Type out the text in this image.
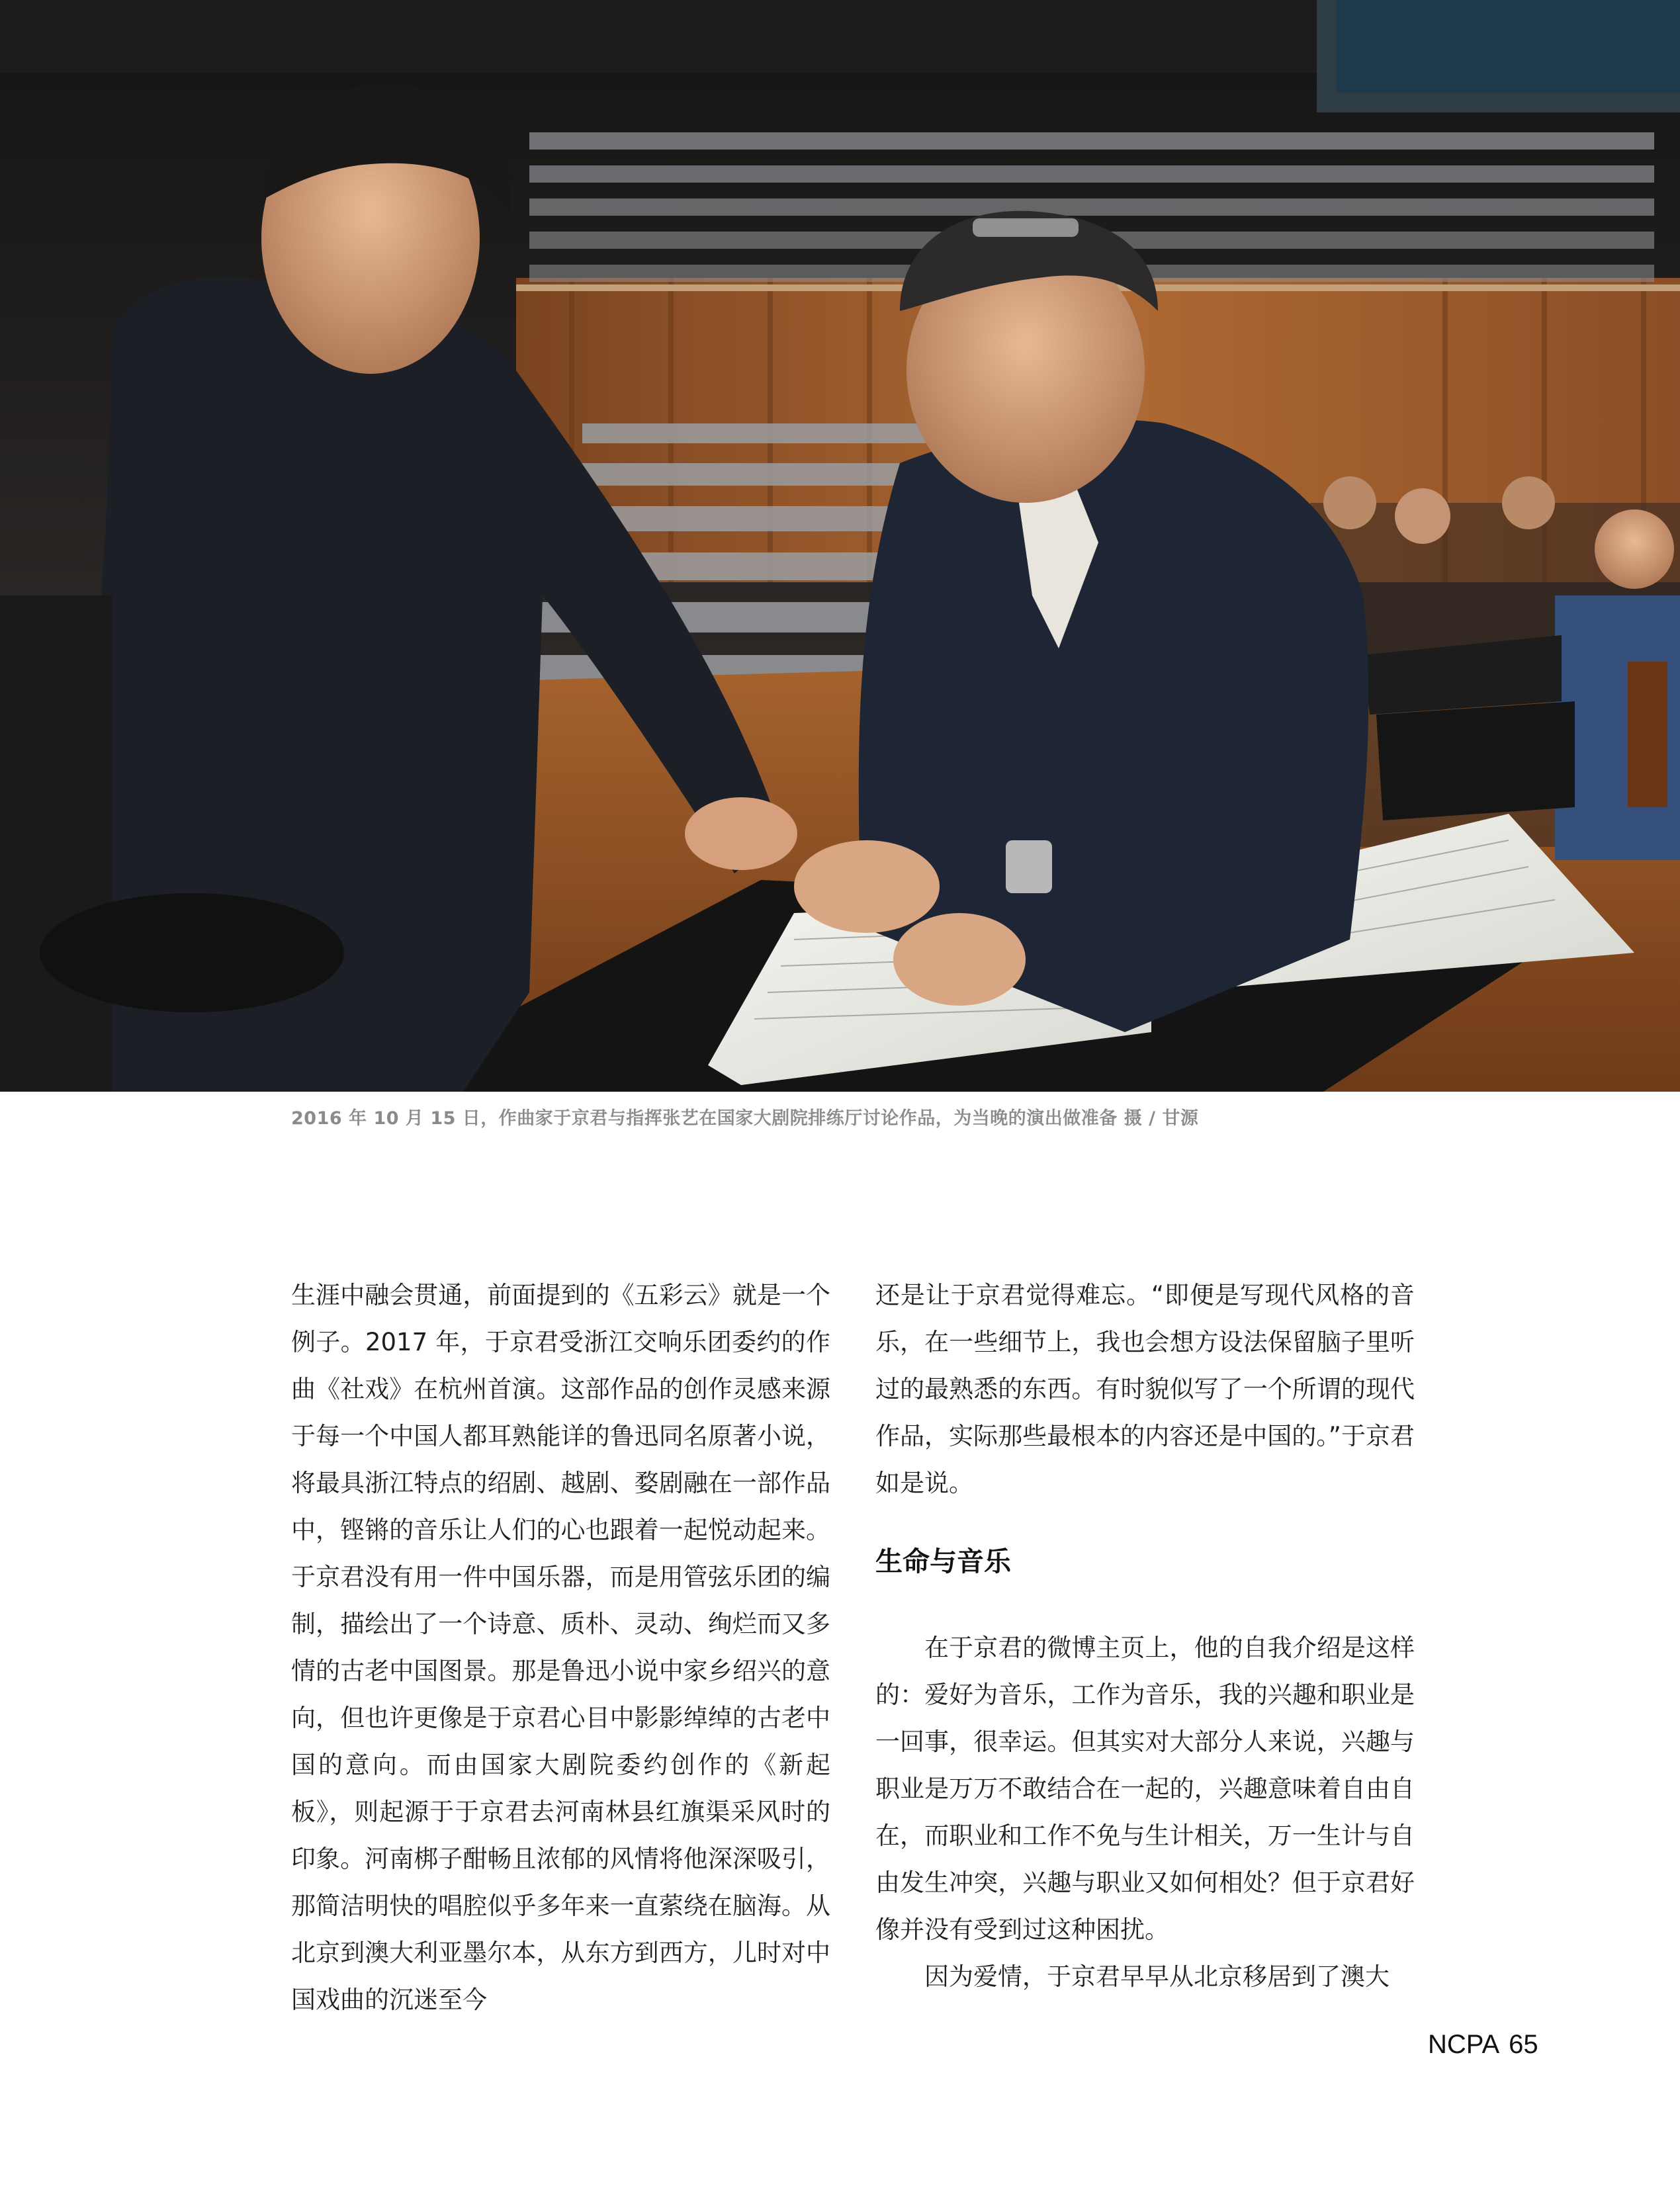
2016 年 10 月 15 日，作曲家于京君与指挥张艺在国家大剧院排练厅讨论作品，为当晚的演出做准备 摄 / 甘源

生涯中融会贯通，前面提到的《五彩云》就是一个例子。2017 年，于京君受浙江交响乐团委约的作曲《社戏》在杭州首演。这部作品的创作灵感来源于每一个中国人都耳熟能详的鲁迅同名原著小说，将最具浙江特点的绍剧、越剧、婺剧融在一部作品中，铿锵的音乐让人们的心也跟着一起悦动起来。于京君没有用一件中国乐器，而是用管弦乐团的编制，描绘出了一个诗意、质朴、灵动、绚烂而又多情的古老中国图景。那是鲁迅小说中家乡绍兴的意向，但也许更像是于京君心目中影影绰绰的古老中国的意向。而由国家大剧院委约创作的《新起板》，则起源于于京君去河南林县红旗渠采风时的印象。河南梆子酣畅且浓郁的风情将他深深吸引，那简洁明快的唱腔似乎多年来一直萦绕在脑海。从北京到澳大利亚墨尔本，从东方到西方，儿时对中国戏曲的沉迷至今

还是让于京君觉得难忘。“即便是写现代风格的音乐，在一些细节上，我也会想方设法保留脑子里听过的最熟悉的东西。有时貌似写了一个所谓的现代作品，实际那些最根本的内容还是中国的。”于京君如是说。

生命与音乐

在于京君的微博主页上，他的自我介绍是这样的：爱好为音乐，工作为音乐，我的兴趣和职业是一回事，很幸运。但其实对大部分人来说，兴趣与职业是万万不敢结合在一起的，兴趣意味着自由自在，而职业和工作不免与生计相关，万一生计与自由发生冲突，兴趣与职业又如何相处？但于京君好像并没有受到过这种困扰。

因为爱情，于京君早早从北京移居到了澳大

NCPA 65
